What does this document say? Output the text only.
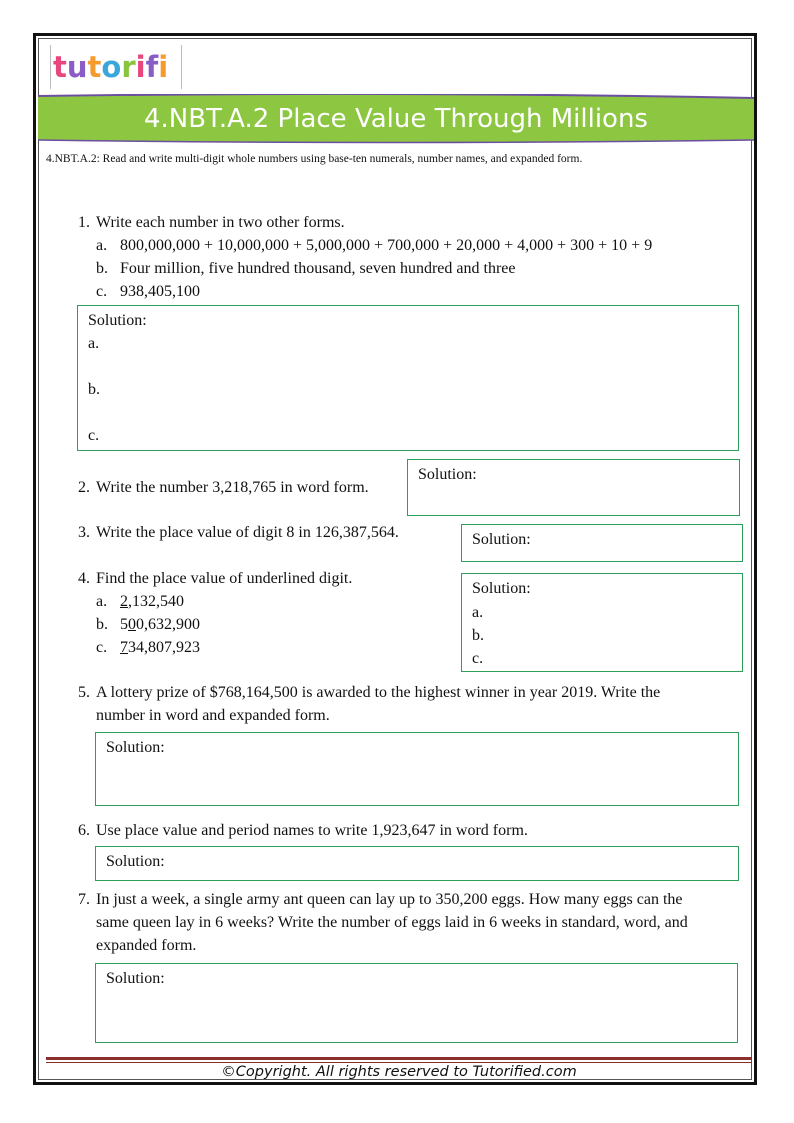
tutorifi
4.NBT.A.2 Place Value Through Millions
4.NBT.A.2: Read and write multi-digit whole numbers using base-ten numerals, number names, and expanded form.
1. Write each number in two other forms.
a. 800,000,000 + 10,000,000 + 5,000,000 + 700,000 + 20,000 + 4,000 + 300 + 10 + 9
b. Four million, five hundred thousand, seven hundred and three
c. 938,405,100
Solution:
a.
b.
c.
2. Write the number 3,218,765 in word form.
Solution:
3. Write the place value of digit 8 in 126,387,564.	Solution:
4. Find the place value of underlined digit.
a. 2,132,540
b. 500,632,900
c. 734,807,923
Solution:
a.
b.
c.
5. A lottery prize of $768,164,500 is awarded to the highest winner in year 2019. Write the
number in word and expanded form.
Solution:
6. Use place value and period names to write 1,923,647 in word form.
Solution:
7. In just a week, a single army ant queen can lay up to 350,200 eggs. How many eggs can the
same queen lay in 6 weeks? Write the number of eggs laid in 6 weeks in standard, word, and
expanded form.
Solution:
©Copyright. All rights reserved to Tutorified.com
